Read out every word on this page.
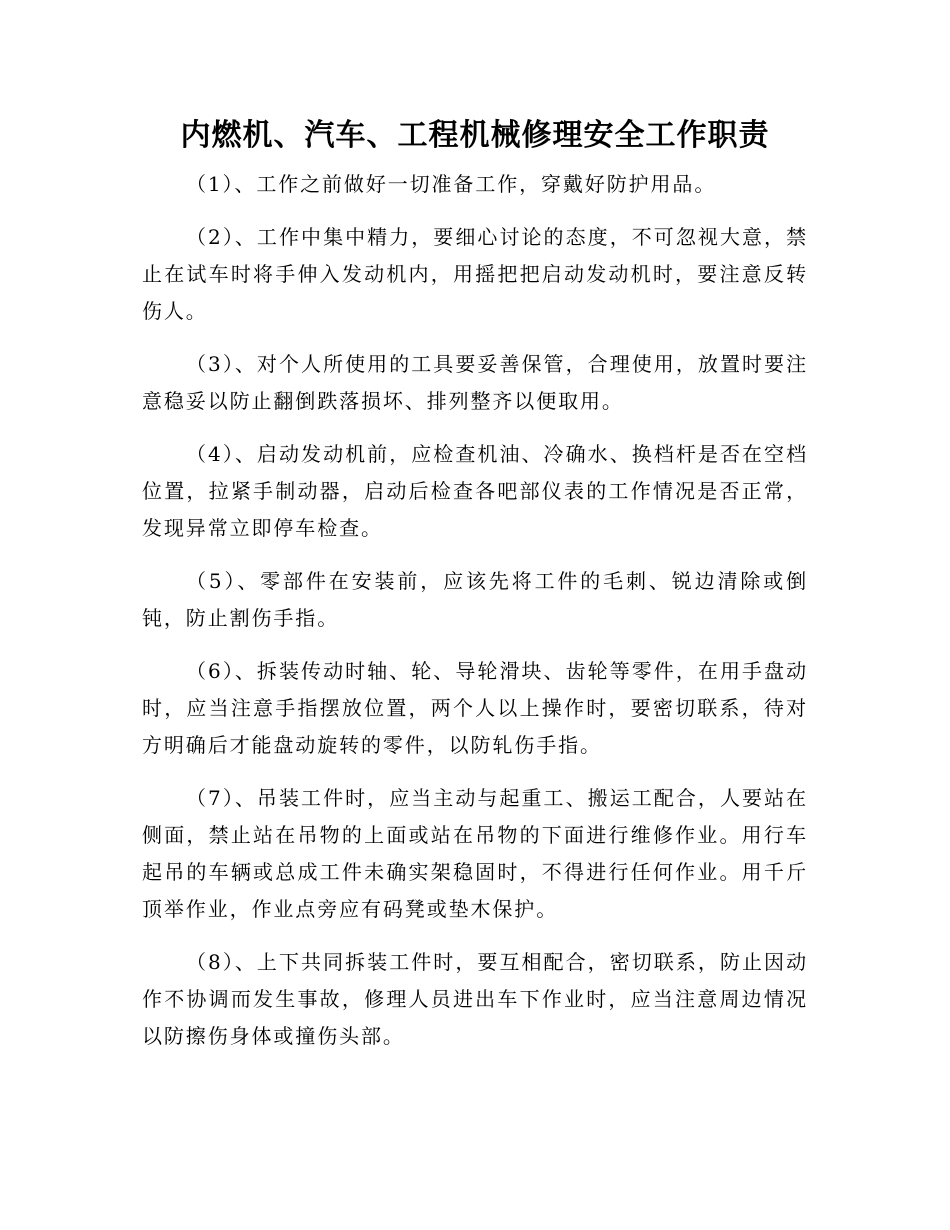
内燃机、汽车、工程机械修理安全工作职责

（1）、工作之前做好一切准备工作，穿戴好防护用品。

（2）、工作中集中精力，要细心讨论的态度，不可忽视大意，禁止在试车时将手伸入发动机内，用摇把把启动发动机时，要注意反转伤人。

（3）、对个人所使用的工具要妥善保管，合理使用，放置时要注意稳妥以防止翻倒跌落损坏、排列整齐以便取用。

（4）、启动发动机前，应检查机油、冷确水、换档杆是否在空档位置，拉紧手制动器，启动后检查各吧部仪表的工作情况是否正常，发现异常立即停车检查。

（5）、零部件在安装前，应该先将工件的毛刺、锐边清除或倒钝，防止割伤手指。

（6）、拆装传动时轴、轮、导轮滑块、齿轮等零件，在用手盘动时，应当注意手指摆放位置，两个人以上操作时，要密切联系，待对方明确后才能盘动旋转的零件，以防轧伤手指。

（7）、吊装工件时，应当主动与起重工、搬运工配合，人要站在侧面，禁止站在吊物的上面或站在吊物的下面进行维修作业。用行车起吊的车辆或总成工件未确实架稳固时，不得进行任何作业。用千斤顶举作业，作业点旁应有码凳或垫木保护。

（8）、上下共同拆装工件时，要互相配合，密切联系，防止因动作不协调而发生事故，修理人员进出车下作业时，应当注意周边情况以防擦伤身体或撞伤头部。
